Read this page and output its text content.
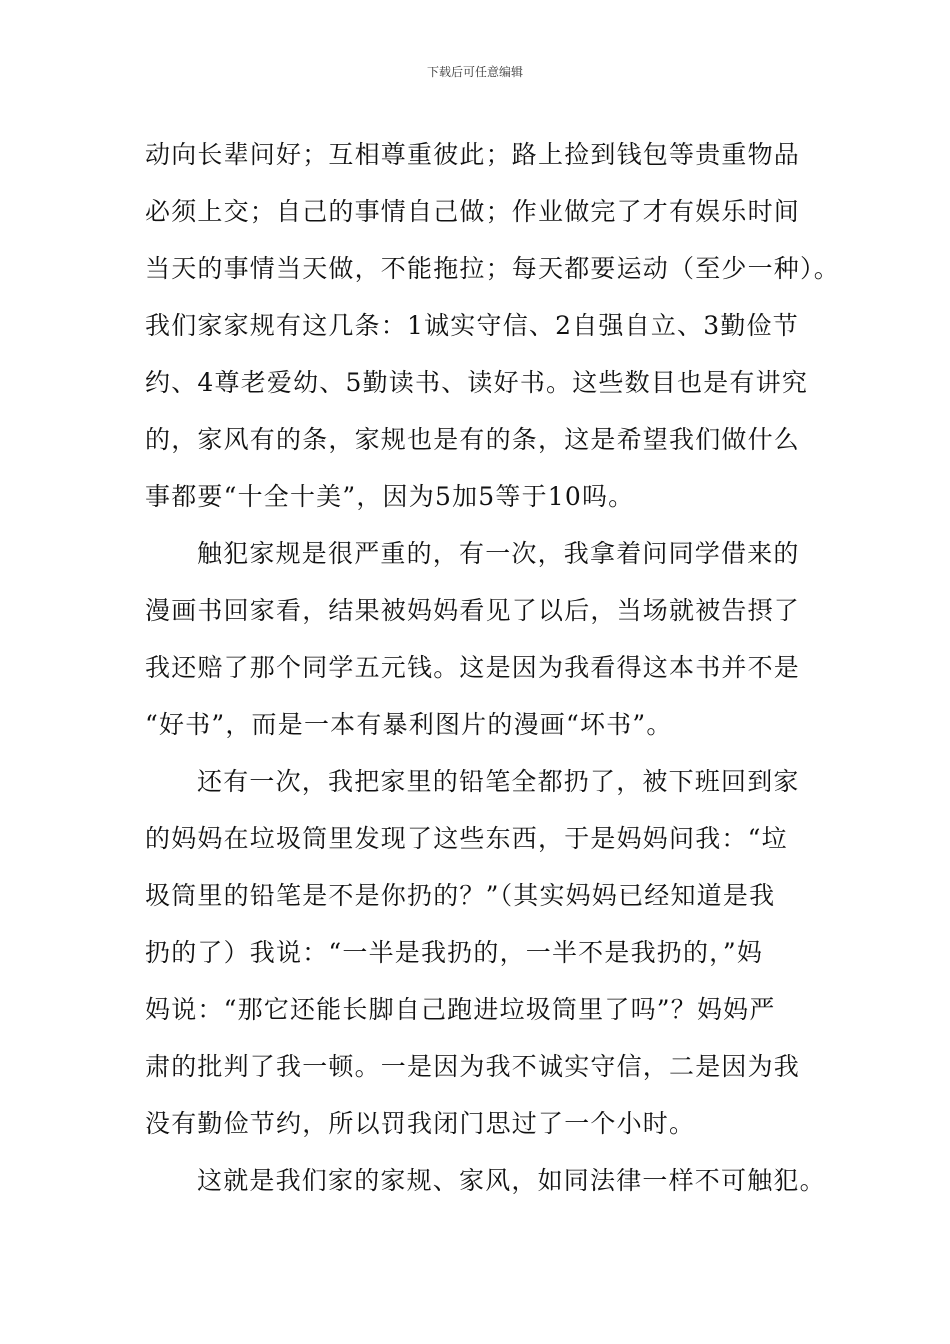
下载后可任意编辑
动向长辈问好；互相尊重彼此；路上捡到钱包等贵重物品
必须上交；自己的事情自己做；作业做完了才有娱乐时间
当天的事情当天做，不能拖拉；每天都要运动（至少一种）。
我们家家规有这几条：1诚实守信、2自强自立、3勤俭节
约、4尊老爱幼、5勤读书、读好书。这些数目也是有讲究
的，家风有的条，家规也是有的条，这是希望我们做什么
事都要“十全十美”，因为5加5等于10吗。
触犯家规是很严重的，有一次，我拿着问同学借来的
漫画书回家看，结果被妈妈看见了以后，当场就被告摂了
我还赔了那个同学五元钱。这是因为我看得这本书并不是
“好书”，而是一本有暴利图片的漫画“坏书”。
还有一次，我把家里的铅笔全都扔了，被下班回到家
的妈妈在垃圾筒里发现了这些东西，于是妈妈问我：“垃
圾筒里的铅笔是不是你扔的？”（其实妈妈已经知道是我
扔的了）我说：“一半是我扔的，一半不是我扔的，”妈
妈说：“那它还能长脚自己跑进垃圾筒里了吗”？妈妈严
肃的批判了我一顿。一是因为我不诚实守信，二是因为我
没有勤俭节约，所以罚我闭门思过了一个小时。
这就是我们家的家规、家风，如同法律一样不可触犯。
